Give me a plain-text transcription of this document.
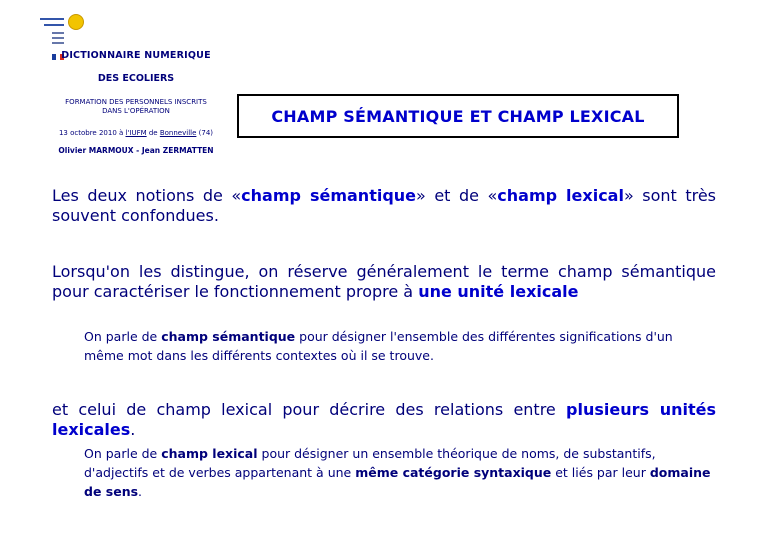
DICTIONNAIRE NUMERIQUE

DES ECOLIERS

FORMATION DES PERSONNELS INSCRITS
DANS L'OPÉRATION

13 octobre 2010 à l'IUFM de Bonneville (74)

Olivier MARMOUX - Jean ZERMATTEN

CHAMP SÉMANTIQUE ET CHAMP LEXICAL
Les deux notions de «champ sémantique» et de «champ lexical» sont très souvent confondues.
Lorsqu'on les distingue, on réserve généralement le terme champ sémantique pour caractériser le fonctionnement propre à une unité lexicale
On parle de champ sémantique pour désigner l'ensemble des différentes significations d'un même mot dans les différents contextes où il se trouve.
et celui de champ lexical pour décrire des relations entre plusieurs unités lexicales.
On parle de champ lexical pour désigner un ensemble théorique de noms, de substantifs, d'adjectifs et de verbes appartenant à une même catégorie syntaxique et liés par leur domaine de sens.
